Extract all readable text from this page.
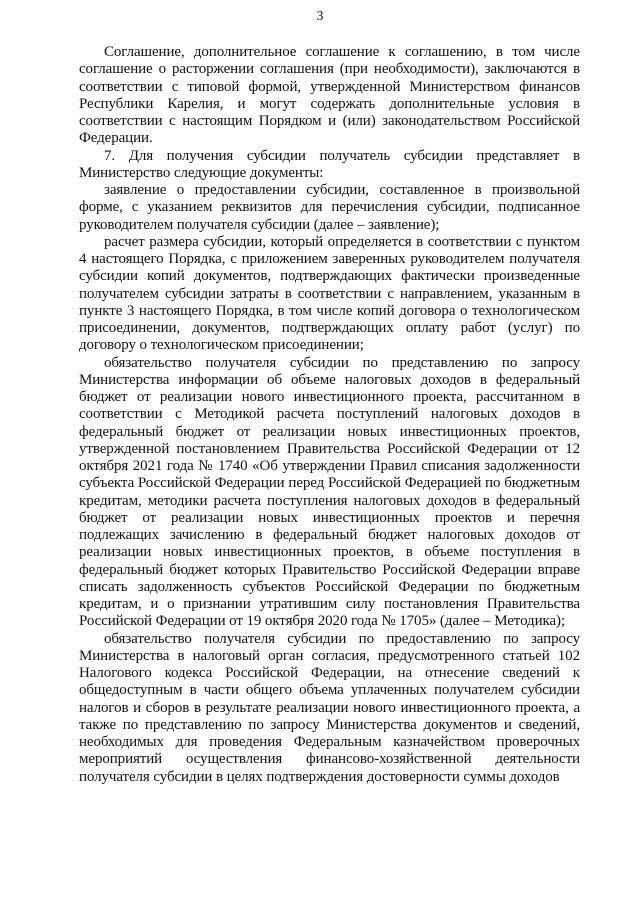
3

Соглашение, дополнительное соглашение к соглашению, в том числе соглашение о расторжении соглашения (при необходимости), заключаются в соответствии с типовой формой, утвержденной Министерством финансов Республики Карелия, и могут содержать дополнительные условия в соответствии с настоящим Порядком и (или) законодательством Российской Федерации.

7. Для получения субсидии получатель субсидии представляет в Министерство следующие документы:

заявление о предоставлении субсидии, составленное в произвольной форме, с указанием реквизитов для перечисления субсидии, подписанное руководителем получателя субсидии (далее – заявление);

расчет размера субсидии, который определяется в соответствии с пунктом 4 настоящего Порядка, с приложением заверенных руководителем получателя субсидии копий документов, подтверждающих фактически произведенные получателем субсидии затраты в соответствии с направлением, указанным в пункте 3 настоящего Порядка, в том числе копий договора о технологическом присоединении, документов, подтверждающих оплату работ (услуг) по договору о технологическом присоединении;

обязательство получателя субсидии по представлению по запросу Министерства информации об объеме налоговых доходов в федеральный бюджет от реализации нового инвестиционного проекта, рассчитанном в соответствии с Методикой расчета поступлений налоговых доходов в федеральный бюджет от реализации новых инвестиционных проектов, утвержденной постановлением Правительства Российской Федерации от 12 октября 2021 года № 1740 «Об утверждении Правил списания задолженности субъекта Российской Федерации перед Российской Федерацией по бюджетным кредитам, методики расчета поступления налоговых доходов в федеральный бюджет от реализации новых инвестиционных проектов и перечня подлежащих зачислению в федеральный бюджет налоговых доходов от реализации новых инвестиционных проектов, в объеме поступления в федеральный бюджет которых Правительство Российской Федерации вправе списать задолженность субъектов Российской Федерации по бюджетным кредитам, и о признании утратившим силу постановления Правительства Российской Федерации от 19 октября 2020 года № 1705» (далее – Методика);

обязательство получателя субсидии по предоставлению по запросу Министерства в налоговый орган согласия, предусмотренного статьей 102 Налогового кодекса Российской Федерации, на отнесение сведений к общедоступным в части общего объема уплаченных получателем субсидии налогов и сборов в результате реализации нового инвестиционного проекта, а также по представлению по запросу Министерства документов и сведений, необходимых для проведения Федеральным казначейством проверочных мероприятий осуществления финансово-хозяйственной деятельности получателя субсидии в целях подтверждения достоверности суммы доходов
